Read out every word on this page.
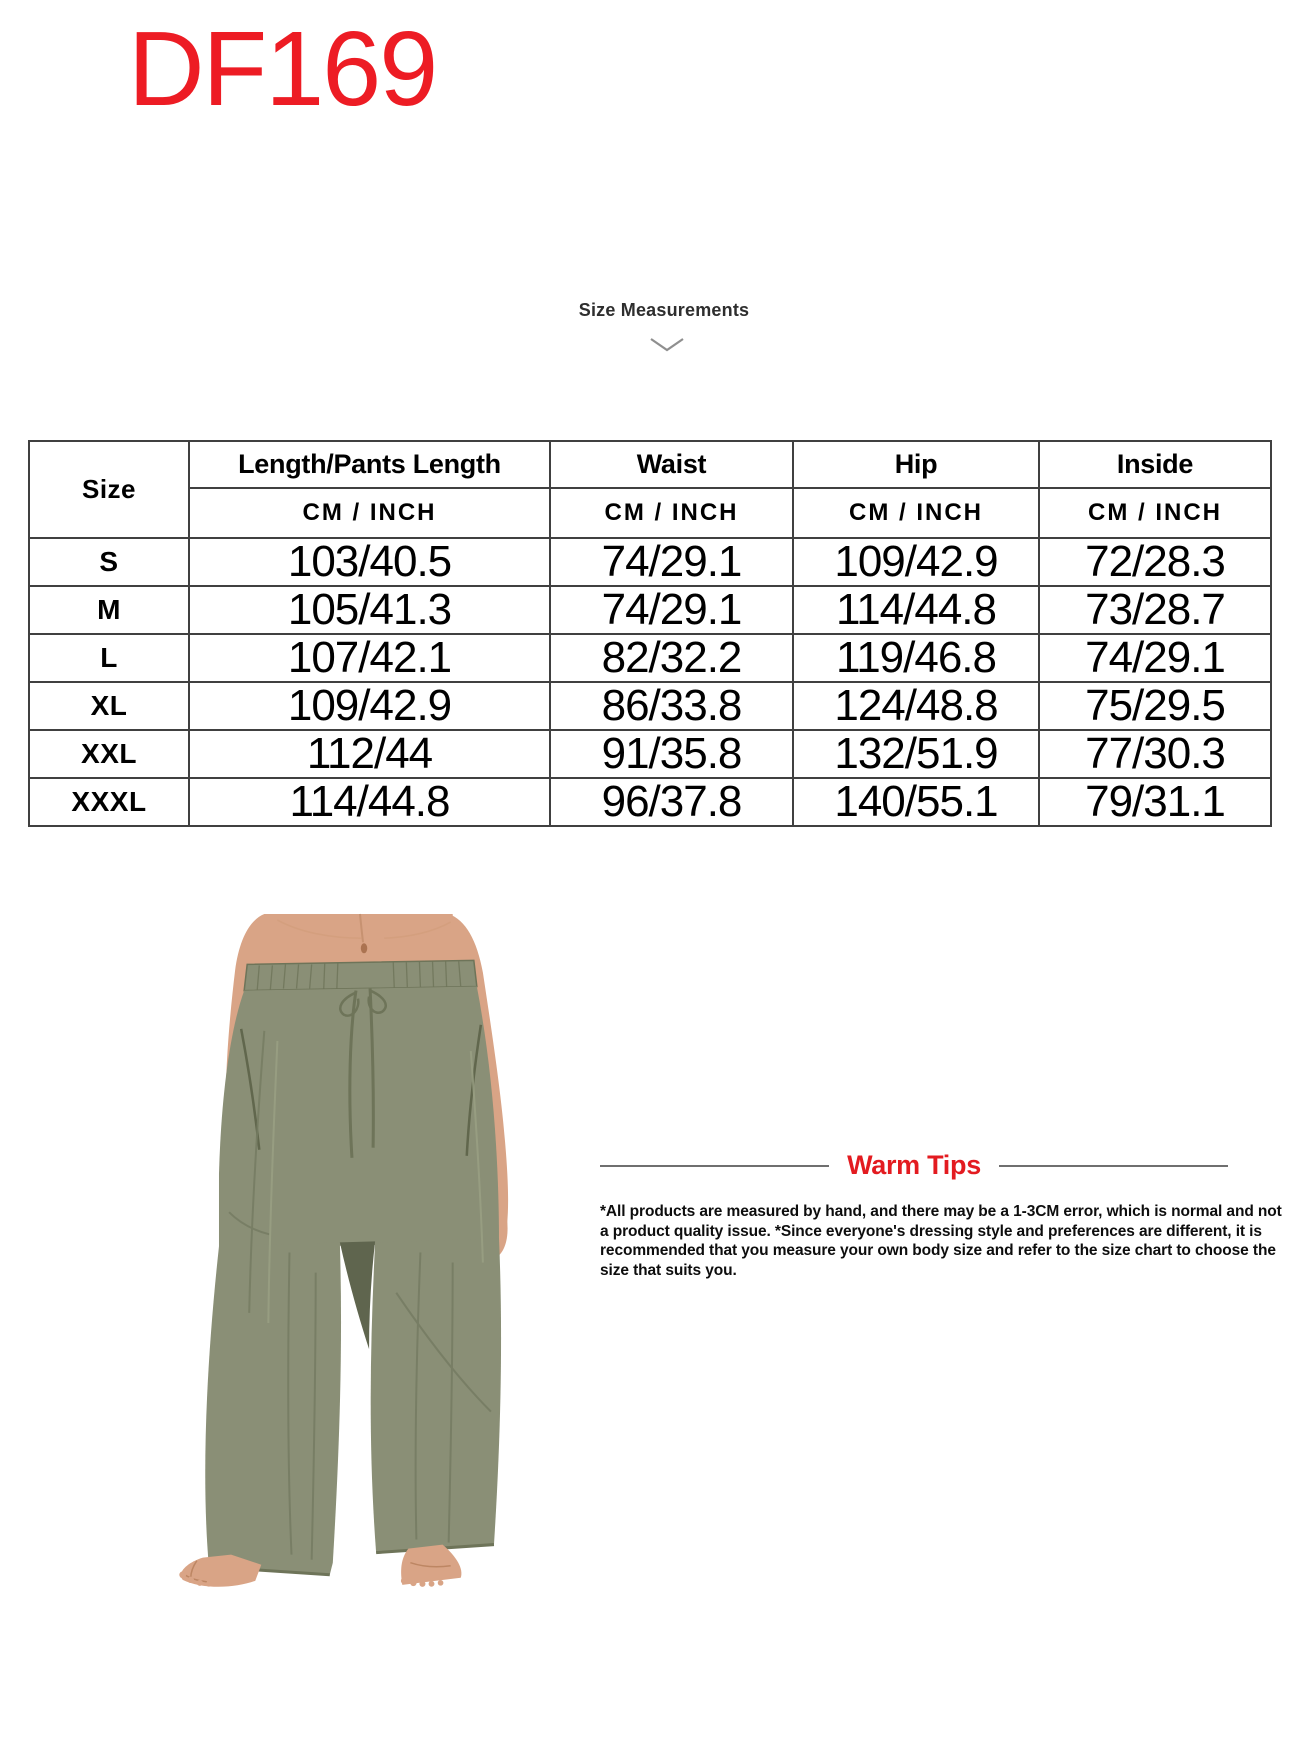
DF169
Size Measurements
Size	Length/Pants Length	Waist	Hip	Inside
	CM / INCH	CM / INCH	CM / INCH	CM / INCH
S	103/40.5	74/29.1	109/42.9	72/28.3
M	105/41.3	74/29.1	114/44.8	73/28.7
L	107/42.1	82/32.2	119/46.8	74/29.1
XL	109/42.9	86/33.8	124/48.8	75/29.5
XXL	112/44	91/35.8	132/51.9	77/30.3
XXXL	114/44.8	96/37.8	140/55.1	79/31.1
Warm Tips
*All products are measured by hand, and there may be a 1-3CM error, which is normal and not
a product quality issue. *Since everyone's dressing style and preferences are different, it is
recommended that you measure your own body size and refer to the size chart to choose the
size that suits you.
